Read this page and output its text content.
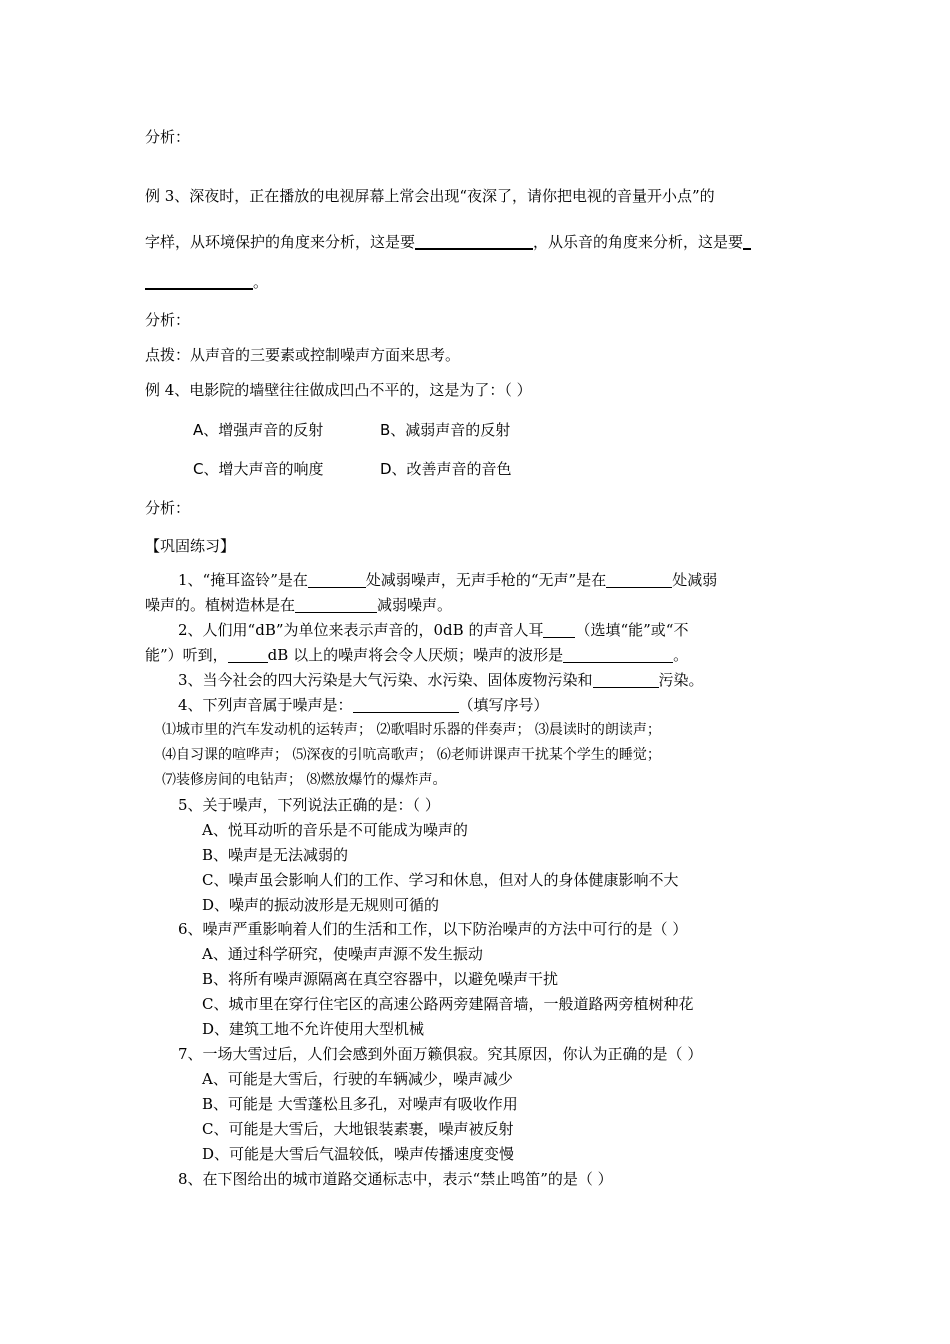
分析：
例 3、深夜时，正在播放的电视屏幕上常会出现“夜深了，请你把电视的音量开小点”的
字样，从环境保护的角度来分析，这是要	，从乐音的角度来分析，这是要
。
分析：
点拨：从声音的三要素或控制噪声方面来思考。
例 4、电影院的墙壁往往做成凹凸不平的，这是为了：（ ）
A、增强声音的反射	B、减弱声音的反射
C、增大声音的响度	D、改善声音的音色
分析：
【巩固练习】
1、“掩耳盗铃”是在	处减弱噪声，无声手枪的“无声”是在	处减弱
噪声的。植树造林是在	减弱噪声。
2、人们用“dB”为单位来表示声音的，0dB 的声音人耳 （选填“能”或“不
能”）听到，	dB 以上的噪声将会令人厌烦；噪声的波形是	。
3、当今社会的四大污染是大气污染、水污染、固体废物污染和	污染。
4、下列声音属于噪声是：	（填写序号）
⑴城市里的汽车发动机的运转声； ⑵歌唱时乐器的伴奏声； ⑶晨读时的朗读声；
⑷自习课的喧哗声； ⑸深夜的引吭高歌声； ⑹老师讲课声干扰某个学生的睡觉；
⑺装修房间的电钻声； ⑻燃放爆竹的爆炸声。
5、关于噪声，下列说法正确的是：（ ）
A、悦耳动听的音乐是不可能成为噪声的
B、噪声是无法减弱的
C、噪声虽会影响人们的工作、学习和休息，但对人的身体健康影响不大
D、噪声的振动波形是无规则可循的
6、噪声严重影响着人们的生活和工作，以下防治噪声的方法中可行的是（ ）
A、通过科学研究，使噪声声源不发生振动
B、将所有噪声源隔离在真空容器中，以避免噪声干扰
C、城市里在穿行住宅区的高速公路两旁建隔音墙，一般道路两旁植树种花
D、建筑工地不允许使用大型机械
7、一场大雪过后，人们会感到外面万籁俱寂。究其原因，你认为正确的是（ ）
A、可能是大雪后，行驶的车辆减少，噪声减少
B、可能是 大雪蓬松且多孔，对噪声有吸收作用
C、可能是大雪后，大地银装素裹，噪声被反射
D、可能是大雪后气温较低，噪声传播速度变慢
8、在下图给出的城市道路交通标志中，表示“禁止鸣笛”的是（ ）
